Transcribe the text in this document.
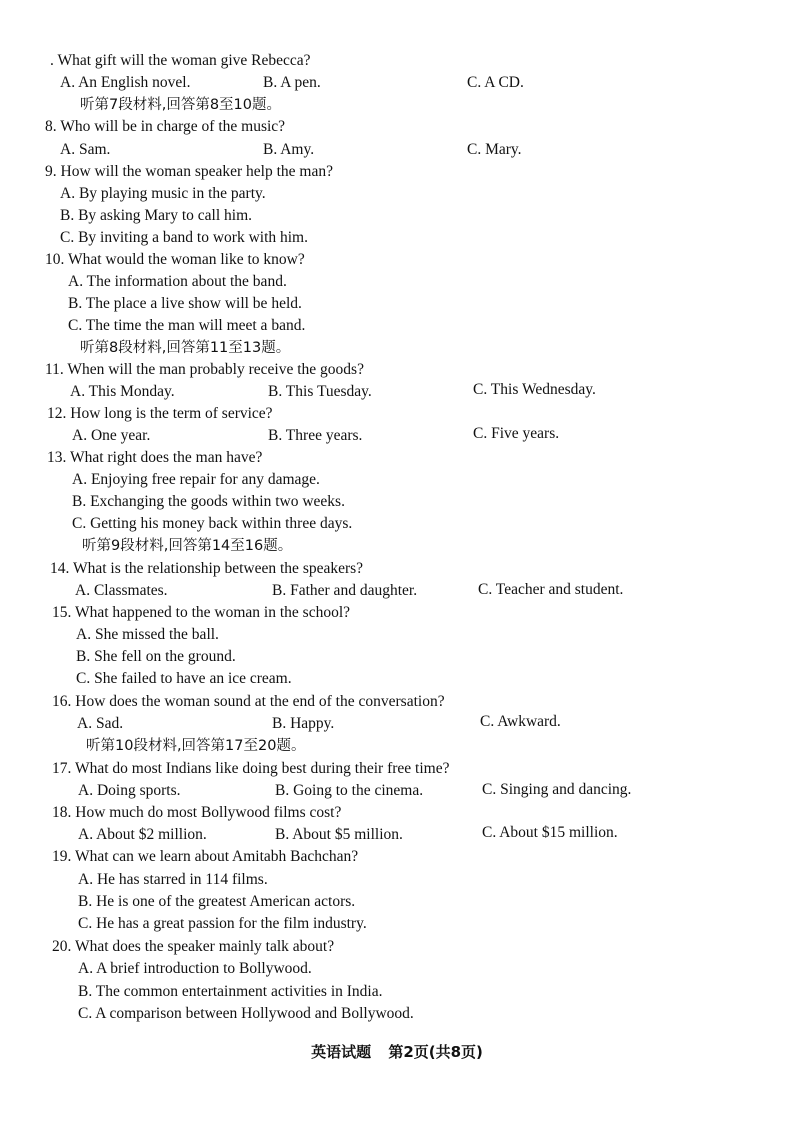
. What gift will the woman give Rebecca?
A. An English novel.	B. A pen.	C. A CD.
听第7段材料,回答第8至10题。
8. Who will be in charge of the music?
A. Sam.	B. Amy.	C. Mary.
9. How will the woman speaker help the man?
A. By playing music in the party.
B. By asking Mary to call him.
C. By inviting a band to work with him.
10. What would the woman like to know?
A. The information about the band.
B. The place a live show will be held.
C. The time the man will meet a band.
听第8段材料,回答第11至13题。
11. When will the man probably receive the goods?
A. This Monday.	B. This Tuesday.	C. This Wednesday.
12. How long is the term of service?
A. One year.	B. Three years.	C. Five years.
13. What right does the man have?
A. Enjoying free repair for any damage.
B. Exchanging the goods within two weeks.
C. Getting his money back within three days.
听第9段材料,回答第14至16题。
14. What is the relationship between the speakers?
A. Classmates.	B. Father and daughter.	C. Teacher and student.
15. What happened to the woman in the school?
A. She missed the ball.
B. She fell on the ground.
C. She failed to have an ice cream.
16. How does the woman sound at the end of the conversation?
A. Sad.	B. Happy.	C. Awkward.
听第10段材料,回答第17至20题。
17. What do most Indians like doing best during their free time?
A. Doing sports.	B. Going to the cinema.	C. Singing and dancing.
18. How much do most Bollywood films cost?
A. About $2 million.	B. About $5 million.	C. About $15 million.
19. What can we learn about Amitabh Bachchan?
A. He has starred in 114 films.
B. He is one of the greatest American actors.
C. He has a great passion for the film industry.
20. What does the speaker mainly talk about?
A. A brief introduction to Bollywood.
B. The common entertainment activities in India.
C. A comparison between Hollywood and Bollywood.
英语试题 第2页(共8页)
